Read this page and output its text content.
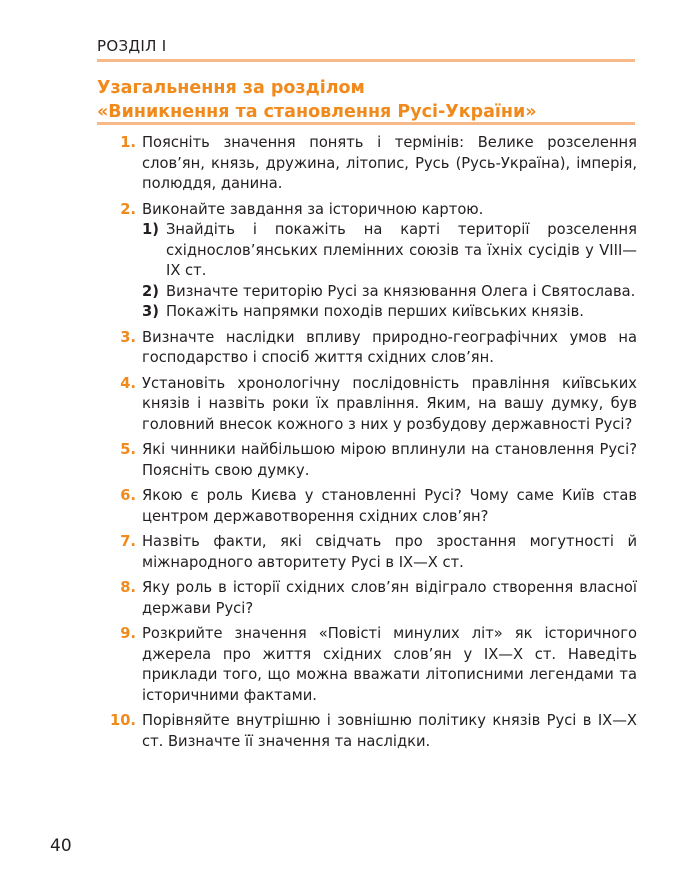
РОЗДІЛ І
Узагальнення за розділом
«Виникнення та становлення Русі-України»
1. Поясніть значення понять і термінів: Велике розселення слов’ян, князь, дружина, літопис, Русь (Русь-Україна), імперія, полюддя, данина.
2. Виконайте завдання за історичною картою.
1) Знайдіть і покажіть на карті території розселення східнослов’янських племінних союзів та їхніх сусідів у VIII—IX ст.
2) Визначте територію Русі за князювання Олега і Святослава.
3) Покажіть напрямки походів перших київських князів.
3. Визначте наслідки впливу природно-географічних умов на господарство і спосіб життя східних слов’ян.
4. Установіть хронологічну послідовність правління київських князів і назвіть роки їх правління. Яким, на вашу думку, був головний внесок кожного з них у розбудову державності Русі?
5. Які чинники найбільшою мірою вплинули на становлення Русі? Поясніть свою думку.
6. Якою є роль Києва у становленні Русі? Чому саме Київ став центром державотворення східних слов’ян?
7. Назвіть факти, які свідчать про зростання могутності й міжнародного авторитету Русі в IX—X ст.
8. Яку роль в історії східних слов’ян відіграло створення власної держави Русі?
9. Розкрийте значення «Повісті минулих літ» як історичного джерела про життя східних слов’ян у IX—X ст. Наведіть приклади того, що можна вважати літописними легендами та історичними фактами.
10. Порівняйте внутрішню і зовнішню політику князів Русі в IX—X ст. Визначте її значення та наслідки.
40
